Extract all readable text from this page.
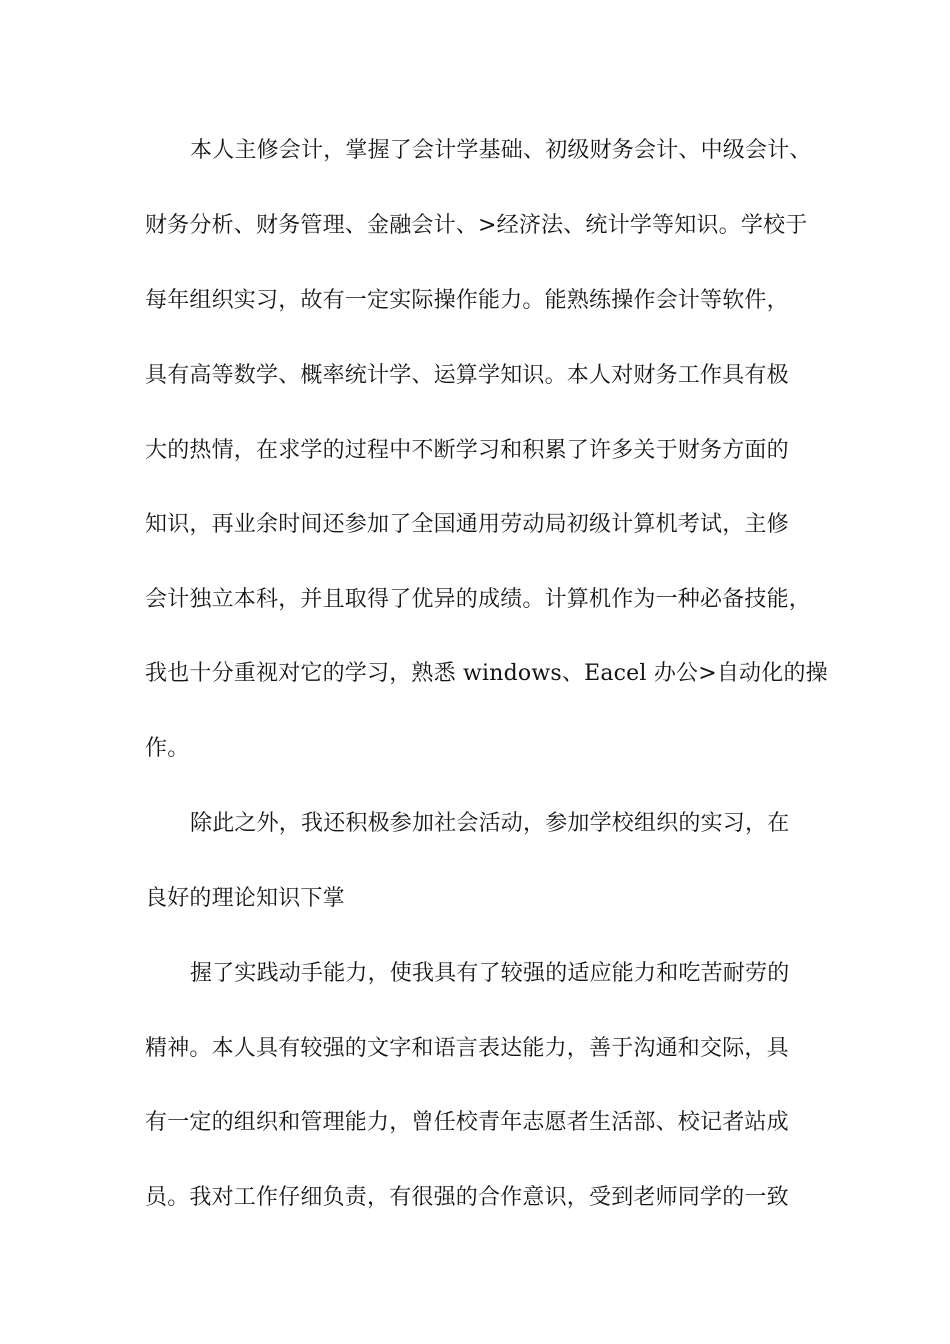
本人主修会计，掌握了会计学基础、初级财务会计、中级会计、
财务分析、财务管理、金融会计、>经济法、统计学等知识。学校于
每年组织实习，故有一定实际操作能力。能熟练操作会计等软件，
具有高等数学、概率统计学、运算学知识。本人对财务工作具有极
大的热情，在求学的过程中不断学习和积累了许多关于财务方面的
知识，再业余时间还参加了全国通用劳动局初级计算机考试，主修
会计独立本科，并且取得了优异的成绩。计算机作为一种必备技能，
我也十分重视对它的学习，熟悉 windows、Eacel 办公>自动化的操
作。
除此之外，我还积极参加社会活动，参加学校组织的实习，在
良好的理论知识下掌
握了实践动手能力，使我具有了较强的适应能力和吃苦耐劳的
精神。本人具有较强的文字和语言表达能力，善于沟通和交际，具
有一定的组织和管理能力，曾任校青年志愿者生活部、校记者站成
员。我对工作仔细负责，有很强的合作意识，受到老师同学的一致
